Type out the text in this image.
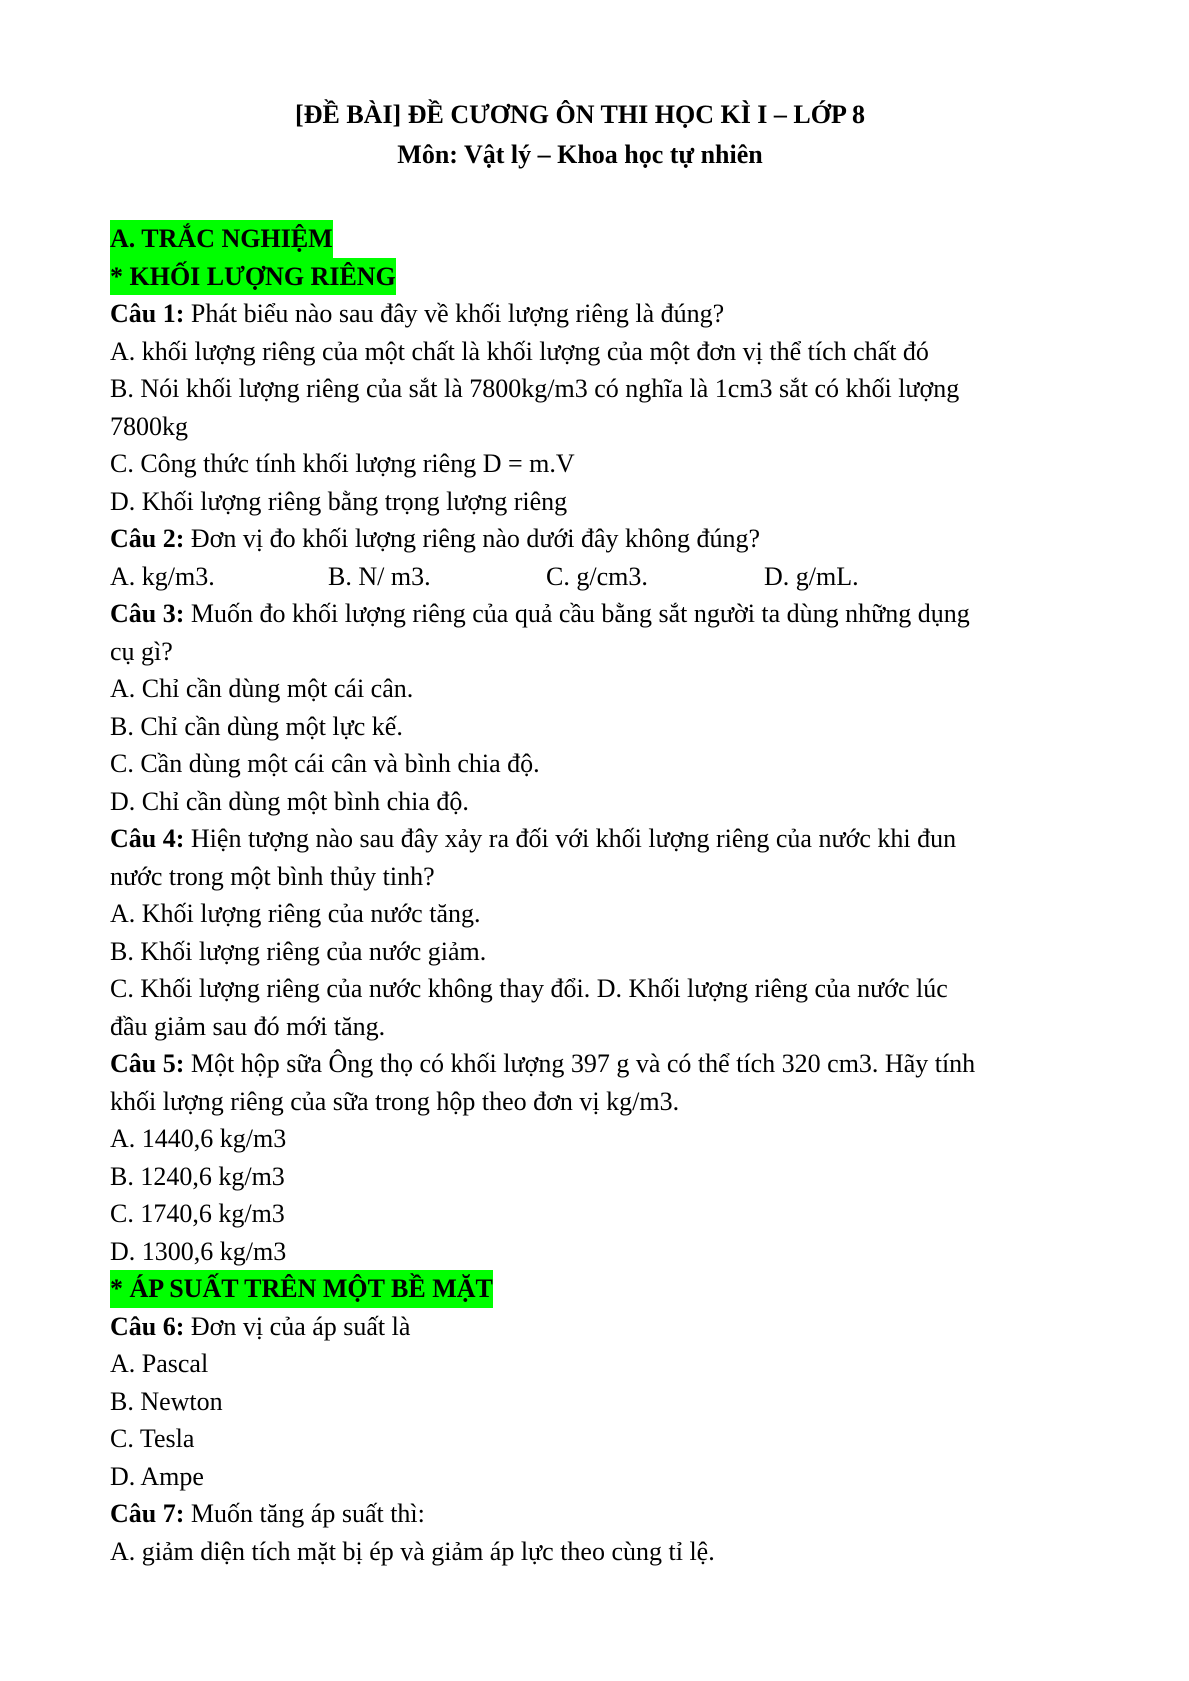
[ĐỀ BÀI] ĐỀ CƯƠNG ÔN THI HỌC KÌ I – LỚP 8

Môn: Vật lý – Khoa học tự nhiên

A. TRẮC NGHIỆM

* KHỐI LƯỢNG RIÊNG

Câu 1: Phát biểu nào sau đây về khối lượng riêng là đúng?

A. khối lượng riêng của một chất là khối lượng của một đơn vị thể tích chất đó

B. Nói khối lượng riêng của sắt là 7800kg/m3 có nghĩa là 1cm3 sắt có khối lượng

7800kg

C. Công thức tính khối lượng riêng D = m.V

D. Khối lượng riêng bằng trọng lượng riêng

Câu 2: Đơn vị đo khối lượng riêng nào dưới đây không đúng?

A. kg/m3.	B. N/ m3.	C. g/cm3.	D. g/mL.

Câu 3: Muốn đo khối lượng riêng của quả cầu bằng sắt người ta dùng những dụng

cụ gì?

A. Chỉ cần dùng một cái cân.

B. Chỉ cần dùng một lực kế.

C. Cần dùng một cái cân và bình chia độ.

D. Chỉ cần dùng một bình chia độ.

Câu 4: Hiện tượng nào sau đây xảy ra đối với khối lượng riêng của nước khi đun

nước trong một bình thủy tinh?

A. Khối lượng riêng của nước tăng.

B. Khối lượng riêng của nước giảm.

C. Khối lượng riêng của nước không thay đổi. D. Khối lượng riêng của nước lúc

đầu giảm sau đó mới tăng.

Câu 5: Một hộp sữa Ông thọ có khối lượng 397 g và có thể tích 320 cm3. Hãy tính

khối lượng riêng của sữa trong hộp theo đơn vị kg/m3.

A. 1440,6 kg/m3

B. 1240,6 kg/m3

C. 1740,6 kg/m3

D. 1300,6 kg/m3

* ÁP SUẤT TRÊN MỘT BỀ MẶT

Câu 6: Đơn vị của áp suất là

A. Pascal

B. Newton

C. Tesla

D. Ampe

Câu 7: Muốn tăng áp suất thì:

A. giảm diện tích mặt bị ép và giảm áp lực theo cùng tỉ lệ.
